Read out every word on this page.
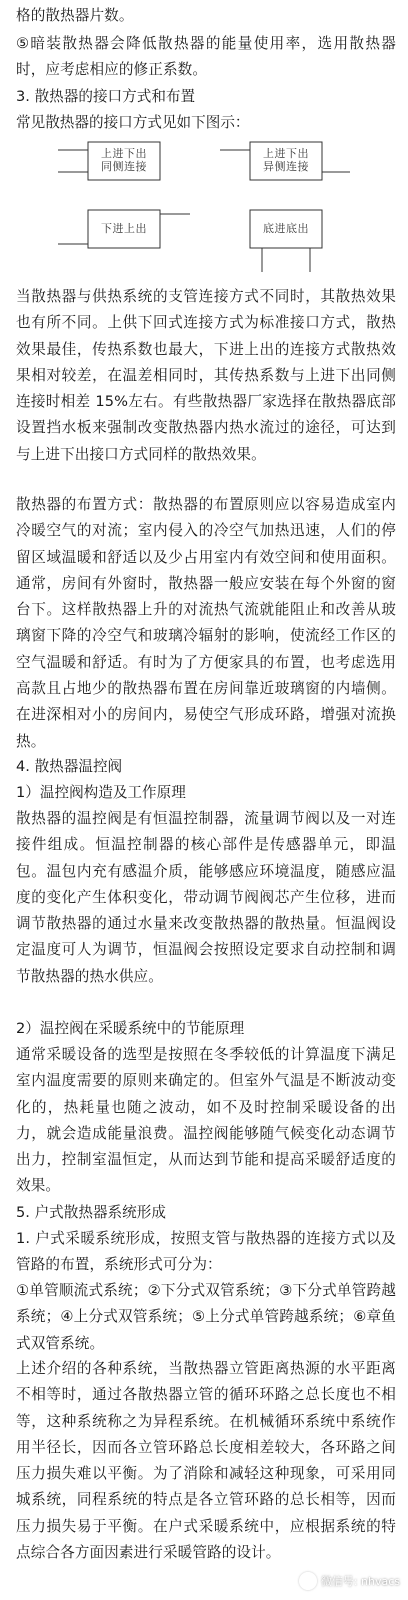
格的散热器片数。

⑤暗装散热器会降低散热器的能量使用率，选用散热器时，应考虑相应的修正系数。

3. 散热器的接口方式和布置

常见散热器的接口方式见如下图示：

上进下出
同侧连接
上进下出
异侧连接
下进上出	底进底出

当散热器与供热系统的支管连接方式不同时，其散热效果也有所不同。上供下回式连接方式为标准接口方式，散热效果最佳，传热系数也最大，下进上出的连接方式散热效果相对较差，在温差相同时，其传热系数与上进下出同侧连接时相差 15%左右。有些散热器厂家选择在散热器底部设置挡水板来强制改变散热器内热水流过的途径，可达到与上进下出接口方式同样的散热效果。

散热器的布置方式：散热器的布置原则应以容易造成室内冷暖空气的对流；室内侵入的冷空气加热迅速，人们的停留区域温暖和舒适以及少占用室内有效空间和使用面积。通常，房间有外窗时，散热器一般应安装在每个外窗的窗台下。这样散热器上升的对流热气流就能阻止和改善从玻璃窗下降的冷空气和玻璃冷辐射的影响，使流经工作区的空气温暖和舒适。有时为了方便家具的布置，也考虑选用高款且占地少的散热器布置在房间靠近玻璃窗的内墙侧。在进深相对小的房间内，易使空气形成环路，增强对流换热。

4. 散热器温控阀

1）温控阀构造及工作原理

散热器的温控阀是有恒温控制器，流量调节阀以及一对连接件组成。恒温控制器的核心部件是传感器单元，即温包。温包内充有感温介质，能够感应环境温度，随感应温度的变化产生体积变化，带动调节阀阀芯产生位移，进而调节散热器的通过水量来改变散热器的散热量。恒温阀设定温度可人为调节，恒温阀会按照设定要求自动控制和调节散热器的热水供应。

2）温控阀在采暖系统中的节能原理

通常采暖设备的选型是按照在冬季较低的计算温度下满足室内温度需要的原则来确定的。但室外气温是不断波动变化的，热耗量也随之波动，如不及时控制采暖设备的出力，就会造成能量浪费。温控阀能够随气候变化动态调节出力，控制室温恒定，从而达到节能和提高采暖舒适度的效果。

5. 户式散热器系统形成

1. 户式采暖系统形成，按照支管与散热器的连接方式以及管路的布置，系统形式可分为：

①单管顺流式系统；②下分式双管系统；③下分式单管跨越系统；④上分式双管系统；⑤上分式单管跨越系统；⑥章鱼式双管系统。

上述介绍的各种系统，当散热器立管距离热源的水平距离不相等时，通过各散热器立管的循环环路之总长度也不相等，这种系统称之为异程系统。在机械循环系统中系统作用半径长，因而各立管环路总长度相差较大，各环路之间压力损失难以平衡。为了消除和减轻这种现象，可采用同城系统，同程系统的特点是各立管环路的总长相等，因而压力损失易于平衡。在户式采暖系统中，应根据系统的特点综合各方面因素进行采暖管路的设计。

微信号: nhvacs
